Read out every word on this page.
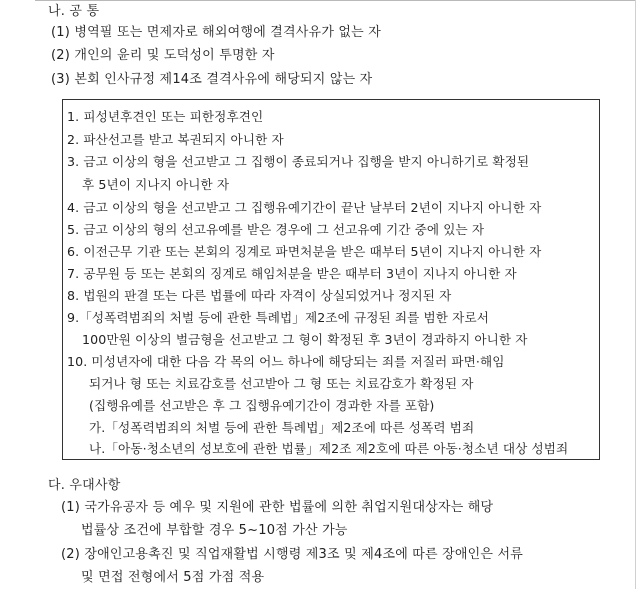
나. 공 통
(1) 병역필 또는 면제자로 해외여행에 결격사유가 없는 자
(2) 개인의 윤리 및 도덕성이 투명한 자
(3) 본회 인사규정 제14조 결격사유에 해당되지 않는 자
1. 피성년후견인 또는 피한정후견인
2. 파산선고를 받고 복권되지 아니한 자
3. 금고 이상의 형을 선고받고 그 집행이 종료되거나 집행을 받지 아니하기로 확정된
후 5년이 지나지 아니한 자
4. 금고 이상의 형을 선고받고 그 집행유예기간이 끝난 날부터 2년이 지나지 아니한 자
5. 금고 이상의 형의 선고유예를 받은 경우에 그 선고유예 기간 중에 있는 자
6. 이전근무 기관 또는 본회의 징계로 파면처분을 받은 때부터 5년이 지나지 아니한 자
7. 공무원 등 또는 본회의 징계로 해임처분을 받은 때부터 3년이 지나지 아니한 자
8. 법원의 판결 또는 다른 법률에 따라 자격이 상실되었거나 정지된 자
9.「성폭력범죄의 처벌 등에 관한 특례법」제2조에 규정된 죄를 범한 자로서
100만원 이상의 벌금형을 선고받고 그 형이 확정된 후 3년이 경과하지 아니한 자
10. 미성년자에 대한 다음 각 목의 어느 하나에 해당되는 죄를 저질러 파면·해임
되거나 형 또는 치료감호를 선고받아 그 형 또는 치료감호가 확정된 자
(집행유예를 선고받은 후 그 집행유예기간이 경과한 자를 포함)
가.「성폭력범죄의 처벌 등에 관한 특례법」제2조에 따른 성폭력 범죄
나.「아동·청소년의 성보호에 관한 법률」제2조 제2호에 따른 아동·청소년 대상 성범죄
다. 우대사항
(1) 국가유공자 등 예우 및 지원에 관한 법률에 의한 취업지원대상자는 해당
법률상 조건에 부합할 경우 5~10점 가산 가능
(2) 장애인고용촉진 및 직업재활법 시행령 제3조 및 제4조에 따른 장애인은 서류
및 면접 전형에서 5점 가점 적용
